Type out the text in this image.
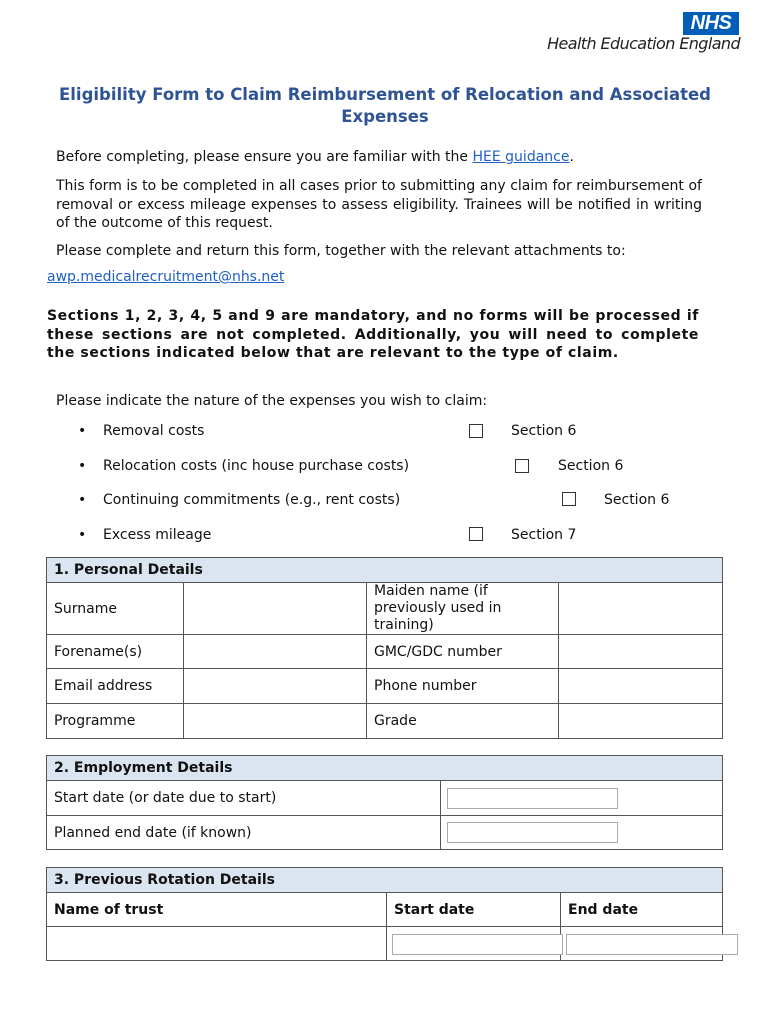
NHS
Health Education England
Eligibility Form to Claim Reimbursement of Relocation and Associated Expenses
Before completing, please ensure you are familiar with the HEE guidance.
This form is to be completed in all cases prior to submitting any claim for reimbursement of removal or excess mileage expenses to assess eligibility. Trainees will be notified in writing of the outcome of this request.
Please complete and return this form, together with the relevant attachments to:
awp.medicalrecruitment@nhs.net
Sections 1, 2, 3, 4, 5 and 9 are mandatory, and no forms will be processed if these sections are not completed. Additionally, you will need to complete the sections indicated below that are relevant to the type of claim.
Please indicate the nature of the expenses you wish to claim:
• Removal costs	Section 6
• Relocation costs (inc house purchase costs)	Section 6
• Continuing commitments (e.g., rent costs)	Section 6
• Excess mileage	Section 7
1. Personal Details			
Surname		Maiden name (if previously used in training)	
Forename(s)		GMC/GDC number	
Email address		Phone number	
Programme		Grade	
2. Employment Details	
Start date (or date due to start)	
Planned end date (if known)	
3. Previous Rotation Details		
Name of trust	Start date	End date
